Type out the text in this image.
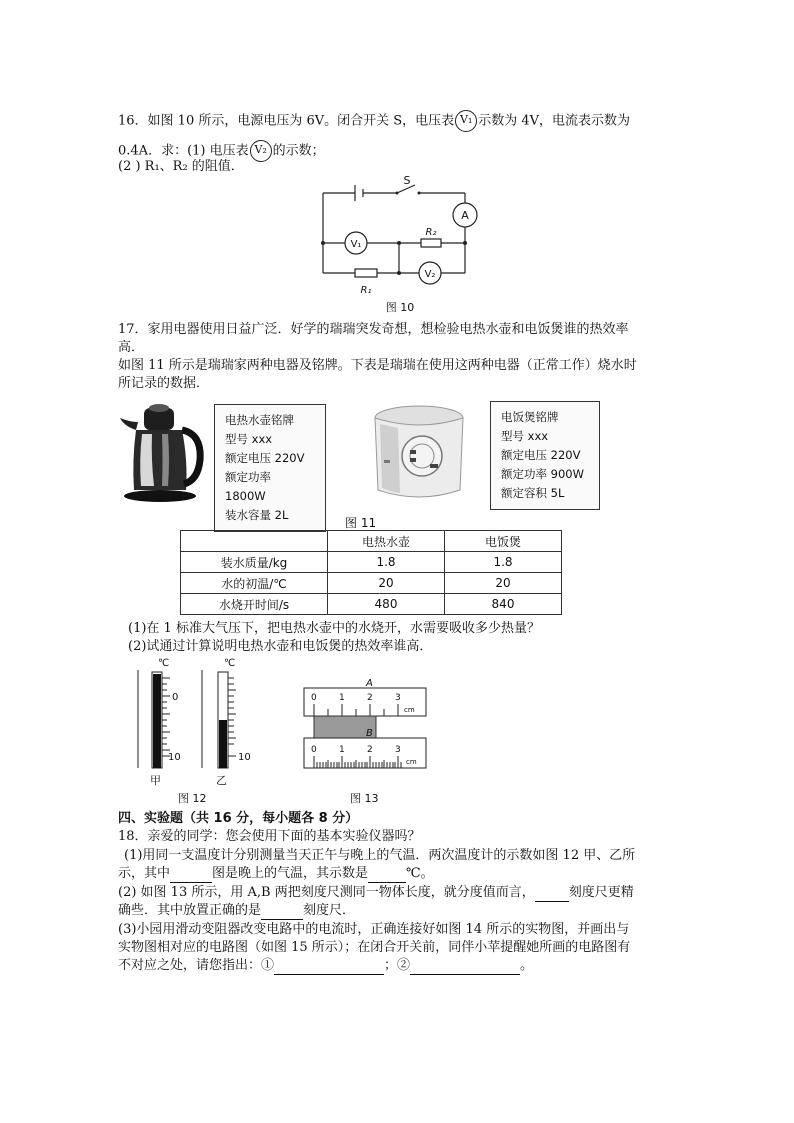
16．如图 10 所示，电源电压为 6V。闭合开关 S，电压表 V₁ 示数为 4V，电流表示数为
0.4A．求：(1) 电压表 V₂ 的示数；
(2 ) R₁、R₂ 的阻值．
S
A
V₁
V₂
R₂
R₁
图 10
17．家用电器使用日益广泛．好学的瑞瑞突发奇想，想检验电热水壶和电饭煲谁的热效率
高．
如图 11 所示是瑞瑞家两种电器及铭牌。下表是瑞瑞在使用这两种电器（正常工作）烧水时
所记录的数据．
电热水壶铭牌
型号 xxx
额定电压 220V
额定功率 1800W
装水容量 2L
电饭煲铭牌
型号 xxx
额定电压 220V
额定功率 900W
额定容积 5L
图 11
	电热水壶	电饭煲
装水质量/kg	1.8	1.8
水的初温/℃	20	20
水烧开时间/s	480	840
(1)在 1 标准大气压下，把电热水壶中的水烧开，水需要吸收多少热量？
(2)试通过计算说明电热水壶和电饭煲的热效率谁高．
℃	℃
0
10	10
甲	乙
图 12
A
0 1 2 3
cm
B
0 1 2 3
cm
图 13
四、实验题（共 16 分，每小题各 8 分）
18．亲爱的同学：您会使用下面的基本实验仪器吗？
(1)用同一支温度计分别测量当天正午与晚上的气温．两次温度计的示数如图 12 甲、乙所
示，其中	图是晚上的气温，其示数是	℃。
(2) 如图 13 所示，用 A,B 两把刻度尺测同一物体长度，就分度值而言，	刻度尺更精
确些．其中放置正确的是	刻度尺．
(3)小园用滑动变阻器改变电路中的电流时，正确连接好如图 14 所示的实物图，并画出与
实物图相对应的电路图（如图 15 所示）；在闭合开关前，同伴小苹提醒她所画的电路图有
不对应之处，请您指出：①	；②	。
